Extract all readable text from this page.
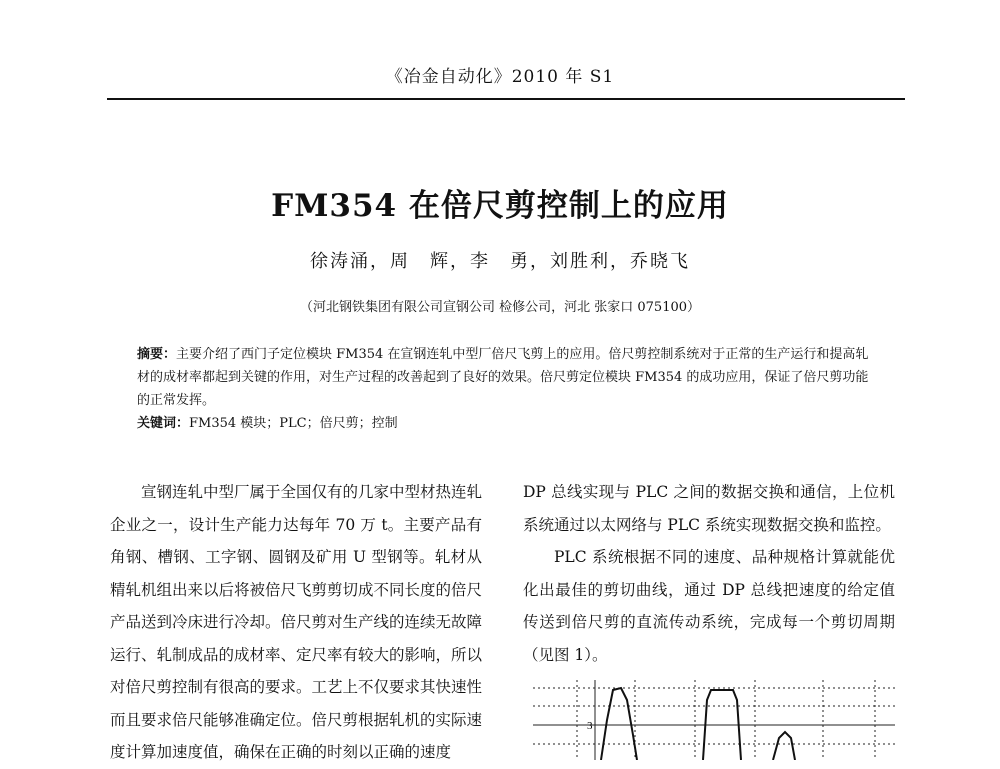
《冶金自动化》2010 年 S1
FM354 在倍尺剪控制上的应用
徐涛涌，周　辉，李　勇，刘胜利，乔晓飞
（河北钢铁集团有限公司宣钢公司 检修公司，河北 张家口 075100）

摘要：主要介绍了西门子定位模块 FM354 在宣钢连轧中型厂倍尺飞剪上的应用。倍尺剪控制系统对于正常的生产运行和提高轧材的成材率都起到关键的作用，对生产过程的改善起到了良好的效果。倍尺剪定位模块 FM354 的成功应用，保证了倍尺剪功能的正常发挥。

关键词：FM354 模块；PLC；倍尺剪；控制

宣钢连轧中型厂属于全国仅有的几家中型材热连轧企业之一，设计生产能力达每年 70 万 t。主要产品有角钢、槽钢、工字钢、圆钢及矿用 U 型钢等。轧材从精轧机组出来以后将被倍尺飞剪剪切成不同长度的倍尺产品送到冷床进行冷却。倍尺剪对生产线的连续无故障运行、轧制成品的成材率、定尺率有较大的影响，所以对倍尺剪控制有很高的要求。工艺上不仅要求其快速性而且要求倍尺能够准确定位。倍尺剪根据轧机的实际速度计算加速度值，确保在正确的时刻以正确的速度

DP 总线实现与 PLC 之间的数据交换和通信，上位机系统通过以太网络与 PLC 系统实现数据交换和监控。

PLC 系统根据不同的速度、品种规格计算就能优化出最佳的剪切曲线，通过 DP 总线把速度的给定值传送到倍尺剪的直流传动系统，完成每一个剪切周期（见图 1）。

3
